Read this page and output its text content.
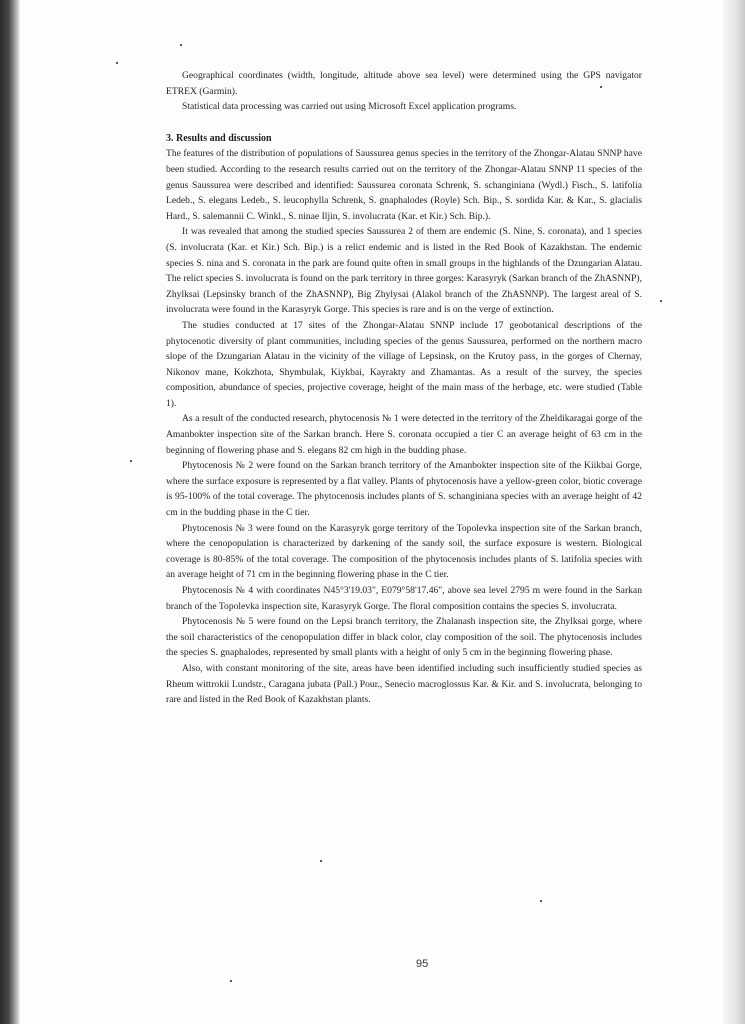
Geographical coordinates (width, longitude, altitude above sea level) were determined using the GPS navigator ETREX (Garmin).

Statistical data processing was carried out using Microsoft Excel application programs.

3. Results and discussion

The features of the distribution of populations of Saussurea genus species in the territory of the Zhongar-Alatau SNNP have been studied. According to the research results carried out on the territory of the Zhongar-Alatau SNNP 11 species of the genus Saussurea were described and identified: Saussurea coronata Schrenk, S. schanginiana (Wydl.) Fisch., S. latifolia Ledeb., S. elegans Ledeb., S. leucophylla Schrenk, S. gnaphalodes (Royle) Sch. Bip., S. sordida Kar. & Kar., S. glacialis Hard., S. salemannii C. Winkl., S. ninae Iljin, S. involucrata (Kar. et Kir.) Sch. Bip.).

It was revealed that among the studied species Saussurea 2 of them are endemic (S. Nine, S. coronata), and 1 species (S. involucrata (Kar. et Kir.) Sch. Bip.) is a relict endemic and is listed in the Red Book of Kazakhstan. The endemic species S. nina and S. coronata in the park are found quite often in small groups in the highlands of the Dzungarian Alatau. The relict species S. involucrata is found on the park territory in three gorges: Karasyryk (Sarkan branch of the ZhASNNP), Zhylksai (Lepsinsky branch of the ZhASNNP), Big Zhylysai (Alakol branch of the ZhASNNP). The largest areal of S. involucrata were found in the Karasyryk Gorge. This species is rare and is on the verge of extinction.

The studies conducted at 17 sites of the Zhongar-Alatau SNNP include 17 geobotanical descriptions of the phytocenotic diversity of plant communities, including species of the genus Saussurea, performed on the northern macro slope of the Dzungarian Alatau in the vicinity of the village of Lepsinsk, on the Krutoy pass, in the gorges of Chernay, Nikonov mane, Kokzhota, Shymbulak, Kiykbai, Kayrakty and Zhamantas. As a result of the survey, the species composition, abundance of species, projective coverage, height of the main mass of the herbage, etc. were studied (Table 1).

As a result of the conducted research, phytocenosis № 1 were detected in the territory of the Zheldikaragai gorge of the Amanbokter inspection site of the Sarkan branch. Here S. coronata occupied a tier C an average height of 63 cm in the beginning of flowering phase and S. elegans 82 cm high in the budding phase.

Phytocenosis № 2 were found on the Sarkan branch territory of the Amanbokter inspection site of the Kiikbai Gorge, where the surface exposure is represented by a flat valley. Plants of phytocenosis have a yellow-green color, biotic coverage is 95-100% of the total coverage. The phytocenosis includes plants of S. schanginiana species with an average height of 42 cm in the budding phase in the C tier.

Phytocenosis № 3 were found on the Karasyryk gorge territory of the Topolevka inspection site of the Sarkan branch, where the cenopopulation is characterized by darkening of the sandy soil, the surface exposure is western. Biological coverage is 80-85% of the total coverage. The composition of the phytocenosis includes plants of S. latifolia species with an average height of 71 cm in the beginning flowering phase in the C tier.

Phytocenosis № 4 with coordinates N45°3'19.03", E079°58'17.46", above sea level 2795 m were found in the Sarkan branch of the Topolevka inspection site, Karasyryk Gorge. The floral composition contains the species S. involucrata.

Phytocenosis № 5 were found on the Lepsi branch territory, the Zhalanash inspection site, the Zhylksai gorge, where the soil characteristics of the cenopopulation differ in black color, clay composition of the soil. The phytocenosis includes the species S. gnaphalodes, represented by small plants with a height of only 5 cm in the beginning flowering phase.

Also, with constant monitoring of the site, areas have been identified including such insufficiently studied species as Rheum wittrokii Lundstr., Caragana jubata (Pall.) Pour., Senecio macroglossus Kar. & Kir. and S. involucrata, belonging to rare and listed in the Red Book of Kazakhstan plants.

95
